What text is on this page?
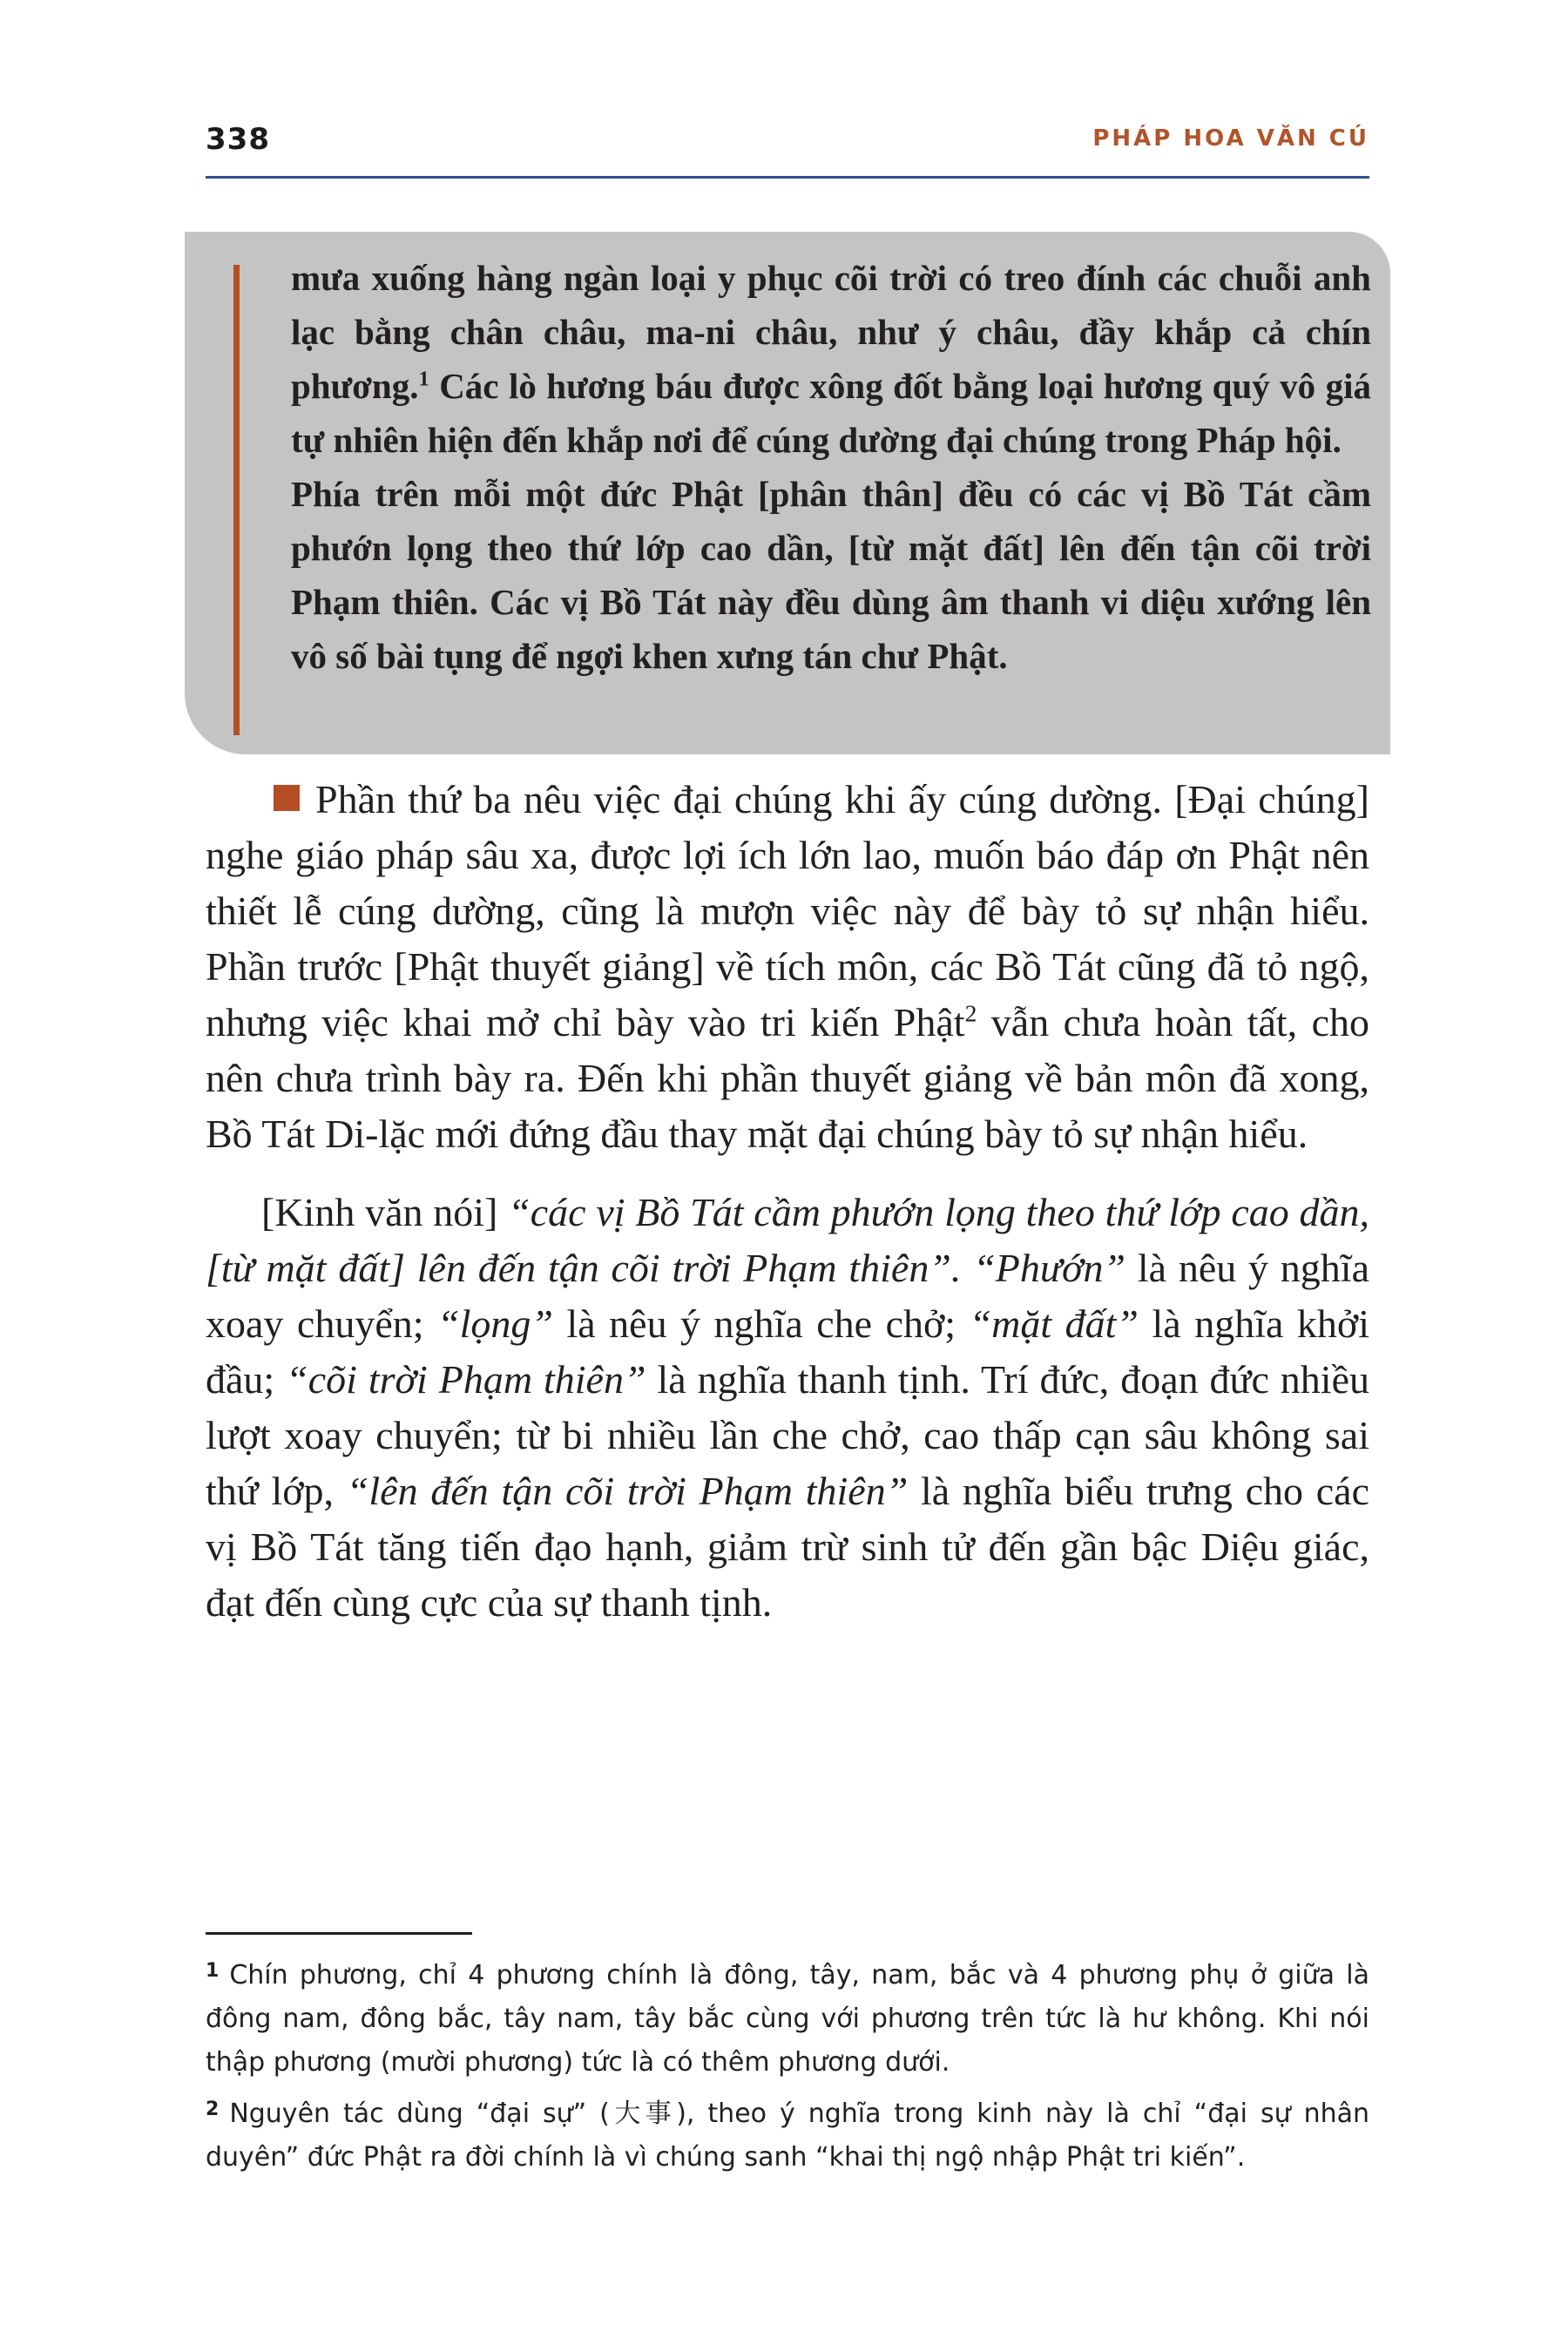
338	PHÁP HOA VĂN CÚ

mưa xuống hàng ngàn loại y phục cõi trời có treo đính các chuỗi anh lạc bằng chân châu, ma-ni châu, như ý châu, đầy khắp cả chín phương.$^1$ Các lò hương báu được xông đốt bằng loại hương quý vô giá tự nhiên hiện đến khắp nơi để cúng dường đại chúng trong Pháp hội.

Phía trên mỗi một đức Phật [phân thân] đều có các vị Bồ Tát cầm phướn lọng theo thứ lớp cao dần, [từ mặt đất] lên đến tận cõi trời Phạm thiên. Các vị Bồ Tát này đều dùng âm thanh vi diệu xướng lên vô số bài tụng để ngợi khen xưng tán chư Phật.

Phần thứ ba nêu việc đại chúng khi ấy cúng dường. [Đại chúng] nghe giáo pháp sâu xa, được lợi ích lớn lao, muốn báo đáp ơn Phật nên thiết lễ cúng dường, cũng là mượn việc này để bày tỏ sự nhận hiểu. Phần trước [Phật thuyết giảng] về tích môn, các Bồ Tát cũng đã tỏ ngộ, nhưng việc khai mở chỉ bày vào tri kiến Phật$^2$ vẫn chưa hoàn tất, cho nên chưa trình bày ra. Đến khi phần thuyết giảng về bản môn đã xong, Bồ Tát Di-lặc mới đứng đầu thay mặt đại chúng bày tỏ sự nhận hiểu.

[Kinh văn nói] “các vị Bồ Tát cầm phướn lọng theo thứ lớp cao dần, [từ mặt đất] lên đến tận cõi trời Phạm thiên”. “Phướn” là nêu ý nghĩa xoay chuyển; “lọng” là nêu ý nghĩa che chở; “mặt đất” là nghĩa khởi đầu; “cõi trời Phạm thiên” là nghĩa thanh tịnh. Trí đức, đoạn đức nhiều lượt xoay chuyển; từ bi nhiều lần che chở, cao thấp cạn sâu không sai thứ lớp, “lên đến tận cõi trời Phạm thiên” là nghĩa biểu trưng cho các vị Bồ Tát tăng tiến đạo hạnh, giảm trừ sinh tử đến gần bậc Diệu giác, đạt đến cùng cực của sự thanh tịnh.

$^1$ Chín phương, chỉ 4 phương chính là đông, tây, nam, bắc và 4 phương phụ ở giữa là đông nam, đông bắc, tây nam, tây bắc cùng với phương trên tức là hư không. Khi nói thập phương (mười phương) tức là có thêm phương dưới.

$^2$ Nguyên tác dùng “đại sự” (大事), theo ý nghĩa trong kinh này là chỉ “đại sự nhân duyên” đức Phật ra đời chính là vì chúng sanh “khai thị ngộ nhập Phật tri kiến”.
